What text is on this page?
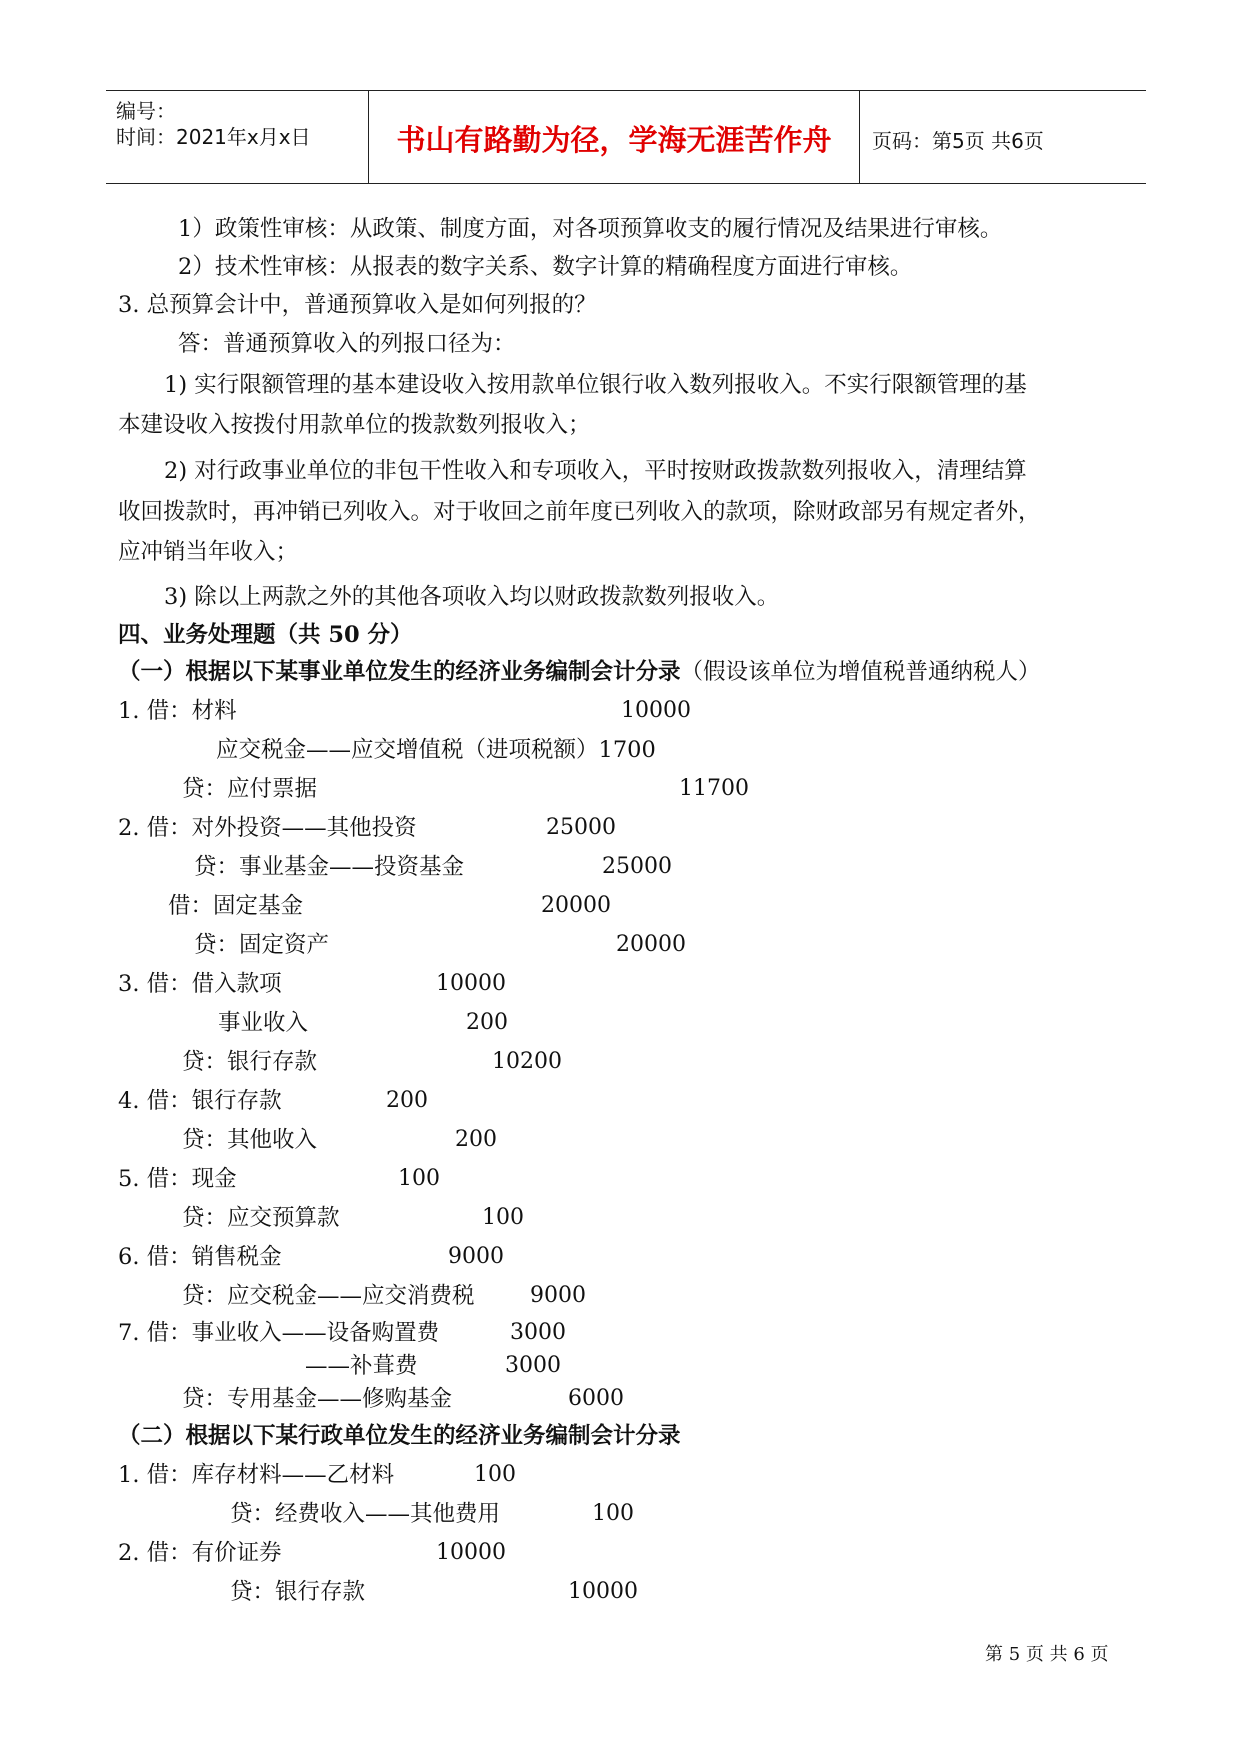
编号：
时间：2021年x月x日	书山有路勤为径，学海无涯苦作舟	页码：第5页 共6页
1）政策性审核：从政策、制度方面，对各项预算收支的履行情况及结果进行审核。
2）技术性审核：从报表的数字关系、数字计算的精确程度方面进行审核。
3. 总预算会计中，普通预算收入是如何列报的？
答：普通预算收入的列报口径为：
1) 实行限额管理的基本建设收入按用款单位银行收入数列报收入。不实行限额管理的基
本建设收入按拨付用款单位的拨款数列报收入；
2) 对行政事业单位的非包干性收入和专项收入，平时按财政拨款数列报收入，清理结算
收回拨款时，再冲销已列收入。对于收回之前年度已列收入的款项，除财政部另有规定者外，
应冲销当年收入；
3) 除以上两款之外的其他各项收入均以财政拨款数列报收入。
四、业务处理题（共 50 分）
（一）根据以下某事业单位发生的经济业务编制会计分录（假设该单位为增值税普通纳税人）
1. 借：材料	10000
应交税金——应交增值税（进项税额）1700
贷：应付票据	11700
2. 借：对外投资——其他投资	25000
贷：事业基金——投资基金	25000
借：固定基金	20000
贷：固定资产	20000
3. 借：借入款项	10000
事业收入	200
贷：银行存款	10200
4. 借：银行存款	200
贷：其他收入	200
5. 借：现金	100
贷：应交预算款	100
6. 借：销售税金	9000
贷：应交税金——应交消费税	9000
7. 借：事业收入——设备购置费	3000
——补葺费	3000
贷：专用基金——修购基金	6000
（二）根据以下某行政单位发生的经济业务编制会计分录
1. 借：库存材料——乙材料	100
贷：经费收入——其他费用	100
2. 借：有价证券	10000
贷：银行存款	10000
第 5 页 共 6 页
